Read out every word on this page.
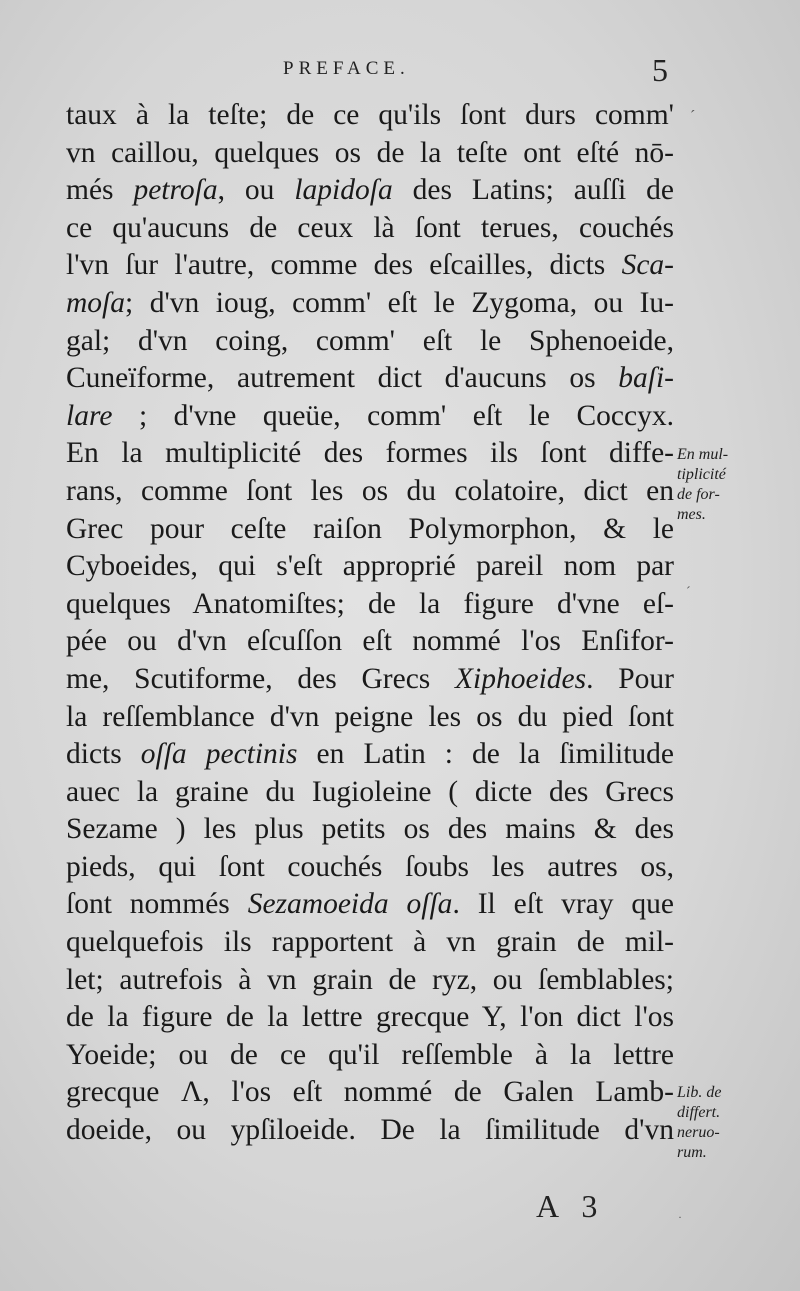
PREFACE.	5
taux à la teſte; de ce qu'ils ſont durs comm'
vn caillou, quelques os de la teſte ont eſté nō-
més petroſa, ou lapidoſa des Latins; auſſi de
ce qu'aucuns de ceux là ſont terues, couchés
l'vn ſur l'autre, comme des eſcailles, dicts Sca-
moſa; d'vn ioug, comm' eſt le Zygoma, ou Iu-
gal; d'vn coing, comm' eſt le Sphenoeide,
Cuneïforme, autrement dict d'aucuns os baſi-
lare ; d'vne queüe, comm' eſt le Coccyx.
En la multiplicité des formes ils ſont diffe-
rans, comme ſont les os du colatoire, dict en
Grec pour ceſte raiſon Polymorphon, & le
Cyboeides, qui s'eſt approprié pareil nom par
quelques Anatomiſtes; de la figure d'vne eſ-
pée ou d'vn eſcuſſon eſt nommé l'os Enſifor-
me, Scutiforme, des Grecs Xiphoeides. Pour
la reſſemblance d'vn peigne les os du pied ſont
dicts oſſa pectinis en Latin : de la ſimilitude
auec la graine du Iugioleine ( dicte des Grecs
Sezame ) les plus petits os des mains & des
pieds, qui ſont couchés ſoubs les autres os,
ſont nommés Sezamoeida oſſa. Il eſt vray que
quelquefois ils rapportent à vn grain de mil-
let; autrefois à vn grain de ryz, ou ſemblables;
de la figure de la lettre grecque Y, l'on dict l'os
Yoeide; ou de ce qu'il reſſemble à la lettre
grecque Λ, l'os eſt nommé de Galen Lamb-
doeide, ou ypſiloeide. De la ſimilitude d'vn
En mul-
tiplicité
de for-
mes.
Lib. de
differt.
neruo-
rum.
A 3
ˊ
ˊ
·
